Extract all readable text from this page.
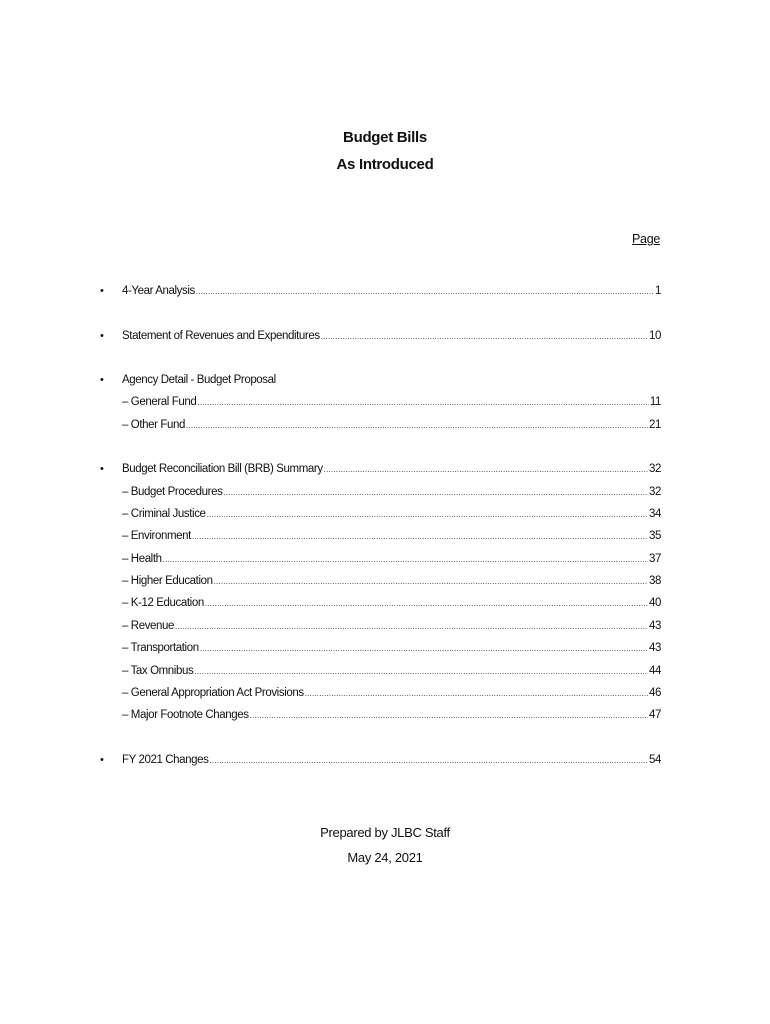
Budget Bills
As Introduced
Page
•	4-Year Analysis .....	1
•	Statement of Revenues and Expenditures .....	10
•	Agency Detail - Budget Proposal
– General Fund .....	11
– Other Fund .....	21
•	Budget Reconciliation Bill (BRB) Summary .....	32
– Budget Procedures .....	32
– Criminal Justice .....	34
– Environment .....	35
– Health .....	37
– Higher Education .....	38
– K-12 Education .....	40
– Revenue .....	43
– Transportation .....	43
– Tax Omnibus .....	44
– General Appropriation Act Provisions .....	46
– Major Footnote Changes .....	47
•	FY 2021 Changes .....	54
Prepared by JLBC Staff
May 24, 2021
